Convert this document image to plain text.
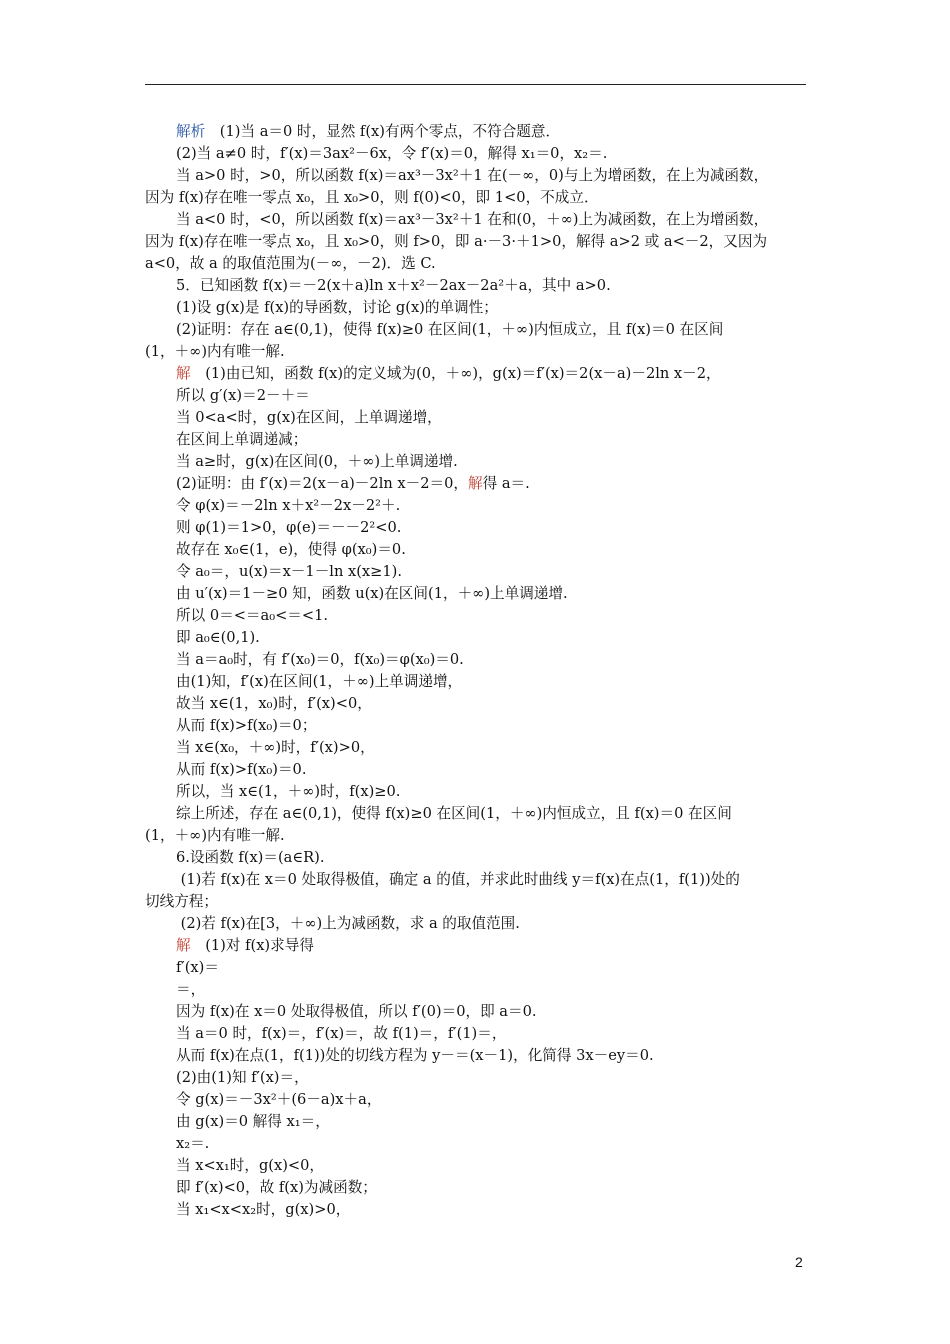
解析　(1)当 a＝0 时，显然 f(x)有两个零点，不符合题意．
(2)当 a≠0 时，f′(x)＝3ax²－6x，令 f′(x)＝0，解得 x₁＝0，x₂＝.
当 a>0 时，>0，所以函数 f(x)＝ax³－3x²＋1 在(－∞，0)与上为增函数，在上为减函数，
因为 f(x)存在唯一零点 x₀，且 x₀>0，则 f(0)<0，即 1<0，不成立．
当 a<0 时，<0，所以函数 f(x)＝ax³－3x²＋1 在和(0，＋∞)上为减函数，在上为增函数，
因为 f(x)存在唯一零点 x₀，且 x₀>0，则 f>0，即 a·－3·＋1>0，解得 a>2 或 a<－2，又因为
a<0，故 a 的取值范围为(－∞，－2)．选 C.
5．已知函数 f(x)＝－2(x＋a)ln x＋x²－2ax－2a²＋a，其中 a>0.
(1)设 g(x)是 f(x)的导函数，讨论 g(x)的单调性；
(2)证明：存在 a∈(0,1)，使得 f(x)≥0 在区间(1，＋∞)内恒成立，且 f(x)＝0 在区间
(1，＋∞)内有唯一解.
解　(1)由已知，函数 f(x)的定义域为(0，＋∞)，g(x)＝f′(x)＝2(x－a)－2ln x－2，
所以 g′(x)＝2－＋＝
当 0<a<时，g(x)在区间，上单调递增，
在区间上单调递减；
当 a≥时，g(x)在区间(0，＋∞)上单调递增.
(2)证明：由 f′(x)＝2(x－a)－2ln x－2＝0，解得 a＝.
令 φ(x)＝－2ln x＋x²－2x－2²＋.
则 φ(1)＝1>0，φ(e)＝－－2²<0.
故存在 x₀∈(1，e)，使得 φ(x₀)＝0.
令 a₀＝，u(x)＝x－1－ln x(x≥1).
由 u′(x)＝1－≥0 知，函数 u(x)在区间(1，＋∞)上单调递增.
所以 0＝<＝a₀<＝<1.
即 a₀∈(0,1).
当 a＝a₀时，有 f′(x₀)＝0，f(x₀)＝φ(x₀)＝0.
由(1)知，f′(x)在区间(1，＋∞)上单调递增，
故当 x∈(1，x₀)时，f′(x)<0，
从而 f(x)>f(x₀)＝0；
当 x∈(x₀，＋∞)时，f′(x)>0，
从而 f(x)>f(x₀)＝0.
所以，当 x∈(1，＋∞)时，f(x)≥0.
综上所述，存在 a∈(0,1)，使得 f(x)≥0 在区间(1，＋∞)内恒成立，且 f(x)＝0 在区间
(1，＋∞)内有唯一解.
6.设函数 f(x)＝(a∈R).
(1)若 f(x)在 x＝0 处取得极值，确定 a 的值，并求此时曲线 y＝f(x)在点(1，f(1))处的
切线方程；
(2)若 f(x)在[3，＋∞)上为减函数，求 a 的取值范围.
解　(1)对 f(x)求导得
f′(x)＝
＝，
因为 f(x)在 x＝0 处取得极值，所以 f′(0)＝0，即 a＝0.
当 a＝0 时，f(x)＝，f′(x)＝，故 f(1)＝，f′(1)＝，
从而 f(x)在点(1，f(1))处的切线方程为 y－＝(x－1)，化简得 3x－ey＝0.
(2)由(1)知 f′(x)＝，
令 g(x)＝－3x²＋(6－a)x＋a，
由 g(x)＝0 解得 x₁＝，
x₂＝.
当 x<x₁时，g(x)<0，
即 f′(x)<0，故 f(x)为减函数；
当 x₁<x<x₂时，g(x)>0，
2
